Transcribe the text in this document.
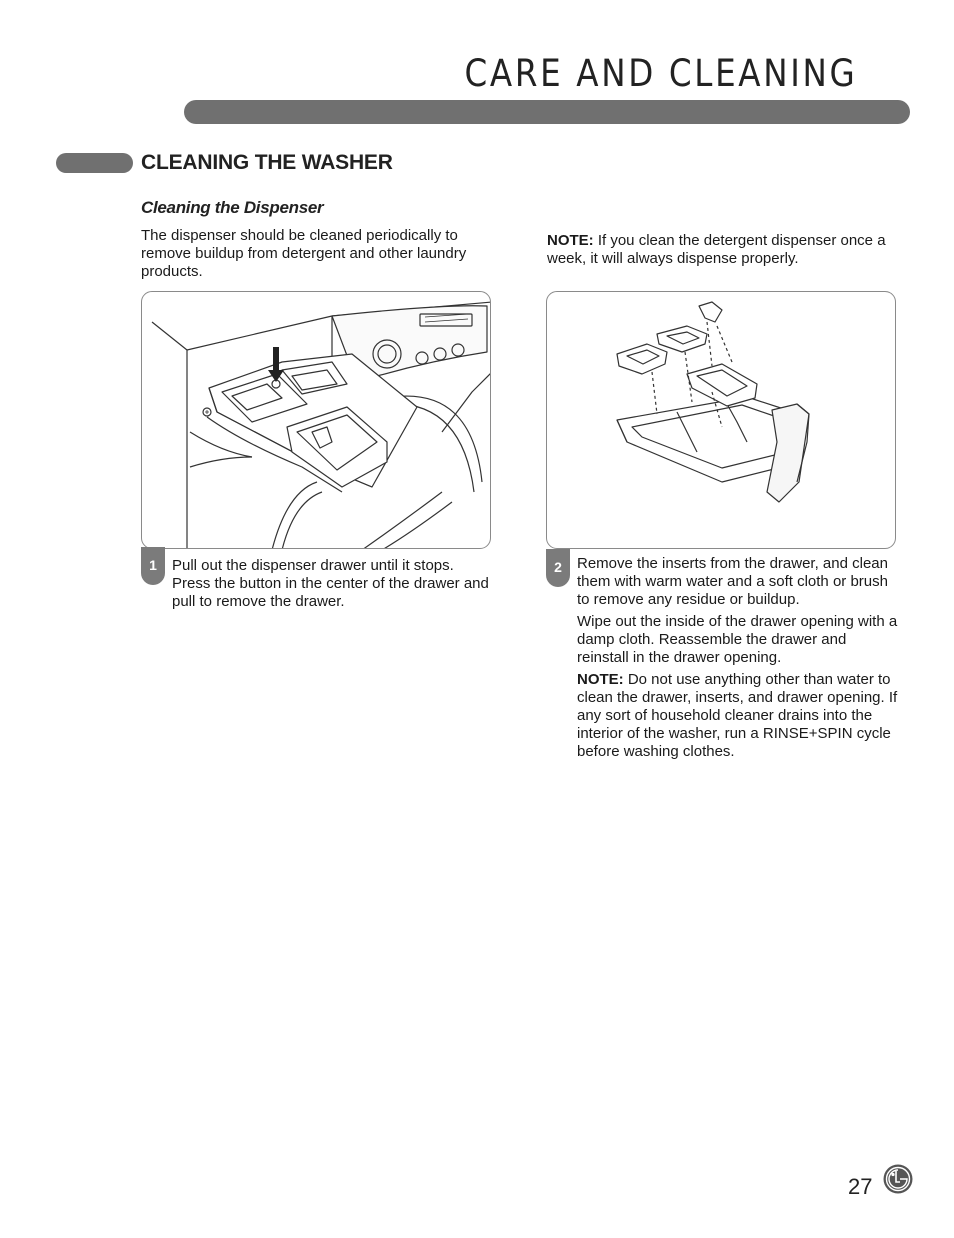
CARE AND CLEANING
CLEANING THE WASHER
Cleaning the Dispenser
The dispenser should be cleaned periodically to remove buildup from detergent and other laundry products.
NOTE: If you clean the detergent dispenser once a week, it will always dispense properly.
1	Pull out the dispenser drawer until it stops. Press the button in the center of the drawer and pull to remove the drawer.
2	Remove the inserts from the drawer, and clean them with warm water and a soft cloth or brush to remove any residue or buildup.

Wipe out the inside of the drawer opening with a damp cloth. Reassemble the drawer and reinstall in the drawer opening.

NOTE: Do not use anything other than water to clean the drawer, inserts, and drawer opening. If any sort of household cleaner drains into the interior of the washer, run a RINSE+SPIN cycle before washing clothes.

27
